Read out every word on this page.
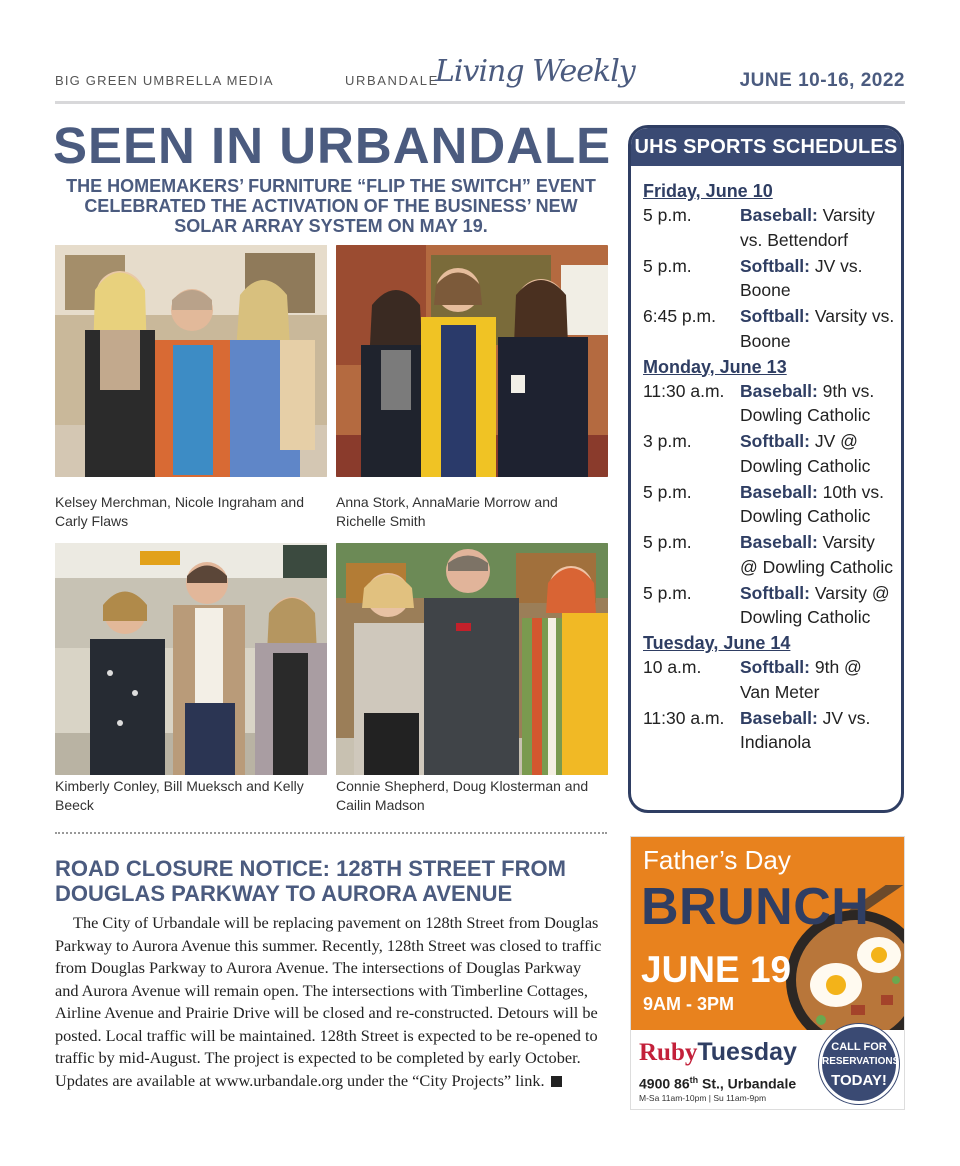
BIG GREEN UMBRELLA MEDIA	URBANDALE
Living Weekly	JUNE 10-16, 2022
SEEN IN URBANDALE
THE HOMEMAKERS’ FURNITURE “FLIP THE SWITCH” EVENT CELEBRATED THE ACTIVATION OF THE BUSINESS’ NEW SOLAR ARRAY SYSTEM ON MAY 19.
Kelsey Merchman, Nicole Ingraham and Carly Flaws
Anna Stork, AnnaMarie Morrow and Richelle Smith
Kimberly Conley, Bill Mueksch and Kelly Beeck
Connie Shepherd, Doug Klosterman and Cailin Madson
ROAD CLOSURE NOTICE: 128TH STREET FROM DOUGLAS PARKWAY TO AURORA AVENUE
The City of Urbandale will be replacing pavement on 128th Street from Douglas Parkway to Aurora Avenue this summer. Recently, 128th Street was closed to traffic from Douglas Parkway to Aurora Avenue. The intersections of Douglas Parkway and Aurora Avenue will remain open. The intersections with Timberline Cottages, Airline Avenue and Prairie Drive will be closed and re-constructed. Detours will be posted. Local traffic will be maintained. 128th Street is expected to be re-opened to traffic by mid-August. The project is expected to be completed by early October. Updates are available at www.urbandale.org under the “City Projects” link.
UHS SPORTS SCHEDULES
Friday, June 10
5 p.m.	Baseball: Varsity vs. Bettendorf
5 p.m.	Softball: JV vs. Boone
6:45 p.m.	Softball: Varsity vs. Boone
Monday, June 13
11:30 a.m. Baseball: 9th vs. Dowling Catholic
3 p.m.	Softball: JV @ Dowling Catholic
5 p.m.	Baseball: 10th vs. Dowling Catholic
5 p.m.	Baseball: Varsity @ Dowling Catholic
5 p.m.	Softball: Varsity @ Dowling Catholic
Tuesday, June 14
10 a.m.	Softball: 9th @ Van Meter
11:30 a.m. Baseball: JV vs. Indianola
Father’s Day
BRUNCH
JUNE 19
9AM - 3PM
RubyTuesday
4900 86th St., Urbandale
M-Sa 11am-10pm | Su 11am-9pm
CALL FOR
RESERVATIONS
TODAY!
